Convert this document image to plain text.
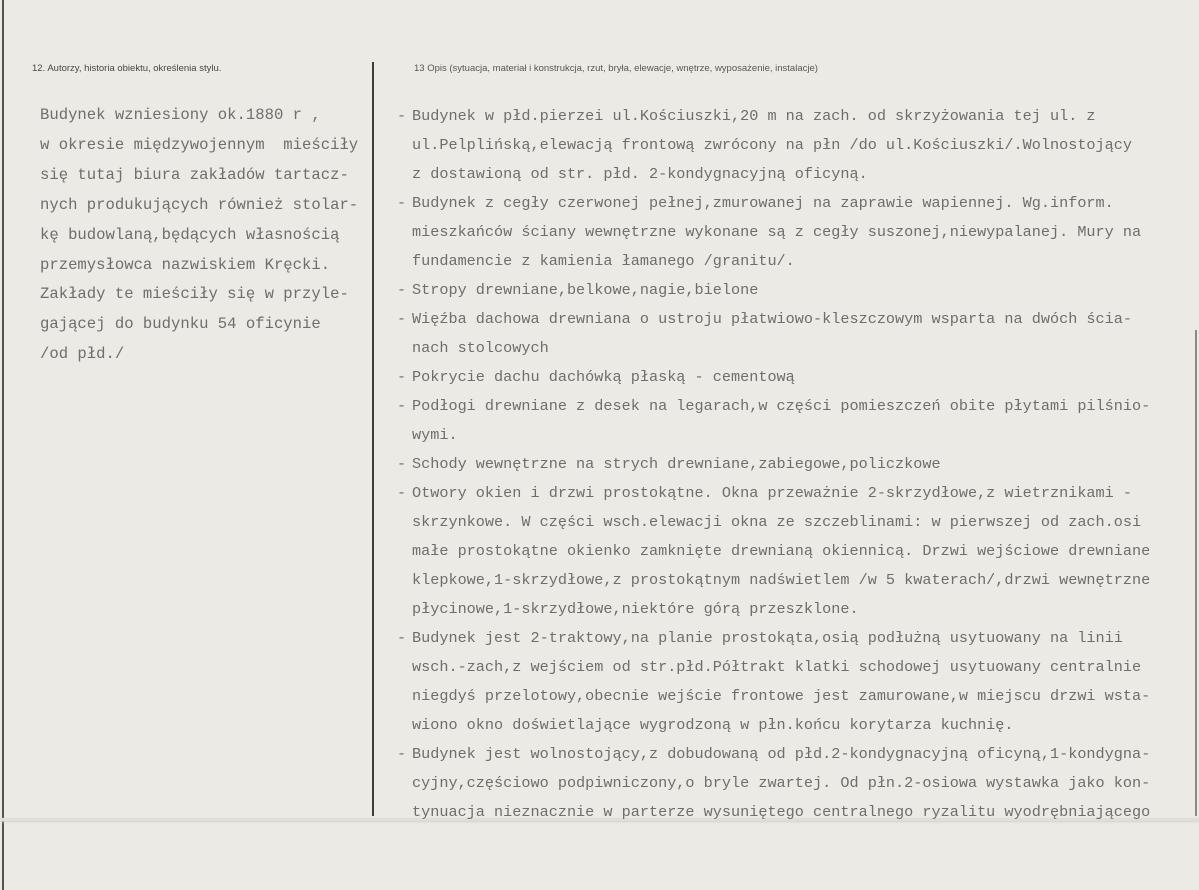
12. Autorzy, historia obiektu, określenia stylu.	13 Opis (sytuacja, materiał i konstrukcja, rzut, bryła, elewacje, wnętrze, wyposażenie, instalacje)
Budynek wzniesiony ok.1880 r ,
w okresie międzywojennym  mieściły
się tutaj biura zakładów tartacz-
nych produkujących również stolar-
kę budowlaną,będących własnością
przemysłowca nazwiskiem Kręcki.
Zakłady te mieściły się w przyle-
gającej do budynku 54 oficynie
/od płd./
- Budynek w płd.pierzei ul.Kościuszki,20 m na zach. od skrzyżowania tej ul. z
ul.Pelplińską,elewacją frontową zwrócony na płn /do ul.Kościuszki/.Wolnostojący
z dostawioną od str. płd. 2-kondygnacyjną oficyną.
- Budynek z cegły czerwonej pełnej,zmurowanej na zaprawie wapiennej. Wg.inform.
mieszkańców ściany wewnętrzne wykonane są z cegły suszonej,niewypalanej. Mury na
fundamencie z kamienia łamanego /granitu/.
- Stropy drewniane,belkowe,nagie,bielone
- Więźba dachowa drewniana o ustroju płatwiowo-kleszczowym wsparta na dwóch ścia-
nach stolcowych
- Pokrycie dachu dachówką płaską - cementową
- Podłogi drewniane z desek na legarach,w części pomieszczeń obite płytami pilśnio-
wymi.
- Schody wewnętrzne na strych drewniane,zabiegowe,policzkowe
- Otwory okien i drzwi prostokątne. Okna przeważnie 2-skrzydłowe,z wietrznikami -
skrzynkowe. W części wsch.elewacji okna ze szczeblinami: w pierwszej od zach.osi
małe prostokątne okienko zamknięte drewnianą okiennicą. Drzwi wejściowe drewniane
klepkowe,1-skrzydłowe,z prostokątnym nadświetlem /w 5 kwaterach/,drzwi wewnętrzne
płycinowe,1-skrzydłowe,niektóre górą przeszklone.
- Budynek jest 2-traktowy,na planie prostokąta,osią podłużną usytuowany na linii
wsch.-zach,z wejściem od str.płd.Półtrakt klatki schodowej usytuowany centralnie
niegdyś przelotowy,obecnie wejście frontowe jest zamurowane,w miejscu drzwi wsta-
wiono okno doświetlające wygrodzoną w płn.końcu korytarza kuchnię.
- Budynek jest wolnostojący,z dobudowaną od płd.2-kondygnacyjną oficyną,1-kondygna-
cyjny,częściowo podpiwniczony,o bryle zwartej. Od płn.2-osiowa wystawka jako kon-
tynuacja nieznacznie w parterze wysuniętego centralnego ryzalitu wyodrębniającego
